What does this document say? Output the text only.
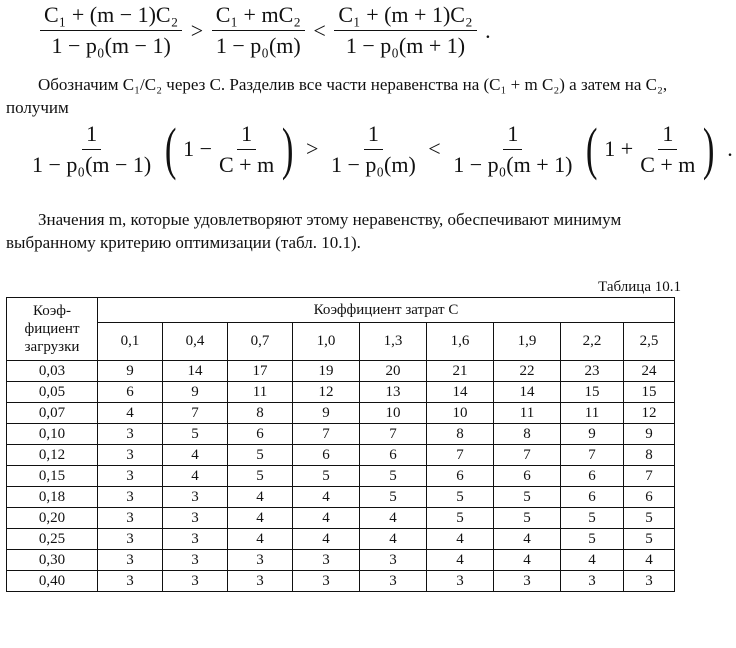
$\frac{\text{C₁ + (m − 1)C₂}}{\text{1 − p₀(m − 1)}} > \frac{\text{C₁ + mC₂}}{\text{1 − p₀(m)}} < \frac{\text{C₁ + (m + 1)C₂}}{\text{1 − p₀(m + 1)}}$ .

Обозначим C₁/C₂ через С. Разделив все части неравенства на (C₁ + m C₂) а затем на C₂, получим

$\frac{1}{\text{1 − p₀(m − 1)}}$
( $1 - \frac{1}{C + m}$ ) > $\frac{1}{\text{1 − p₀(m)}} < \frac{1}{\text{1 − p₀(m + 1)}}$
( $1 + \frac{1}{C + m}$ ) .

Значения m, которые удовлетворяют этому неравенству, обеспечивают минимум выбранному критерию оптимизации (табл. 10.1).

Таблица 10.1
Коэф-
фициент
загрузки	Коэффициент затрат С								
	0,1	0,4	0,7	1,0	1,3	1,6	1,9	2,2	2,5
0,03	9	14	17	19	20	21	22	23	24
0,05	6	9	11	12	13	14	14	15	15
0,07	4	7	8	9	10	10	11	11	12
0,10	3	5	6	7	7	8	8	9	9
0,12	3	4	5	6	6	7	7	7	8
0,15	3	4	5	5	5	6	6	6	7
0,18	3	3	4	4	5	5	5	6	6
0,20	3	3	4	4	4	5	5	5	5
0,25	3	3	4	4	4	4	4	5	5
0,30	3	3	3	3	3	4	4	4	4
0,40	3	3	3	3	3	3	3	3	3
